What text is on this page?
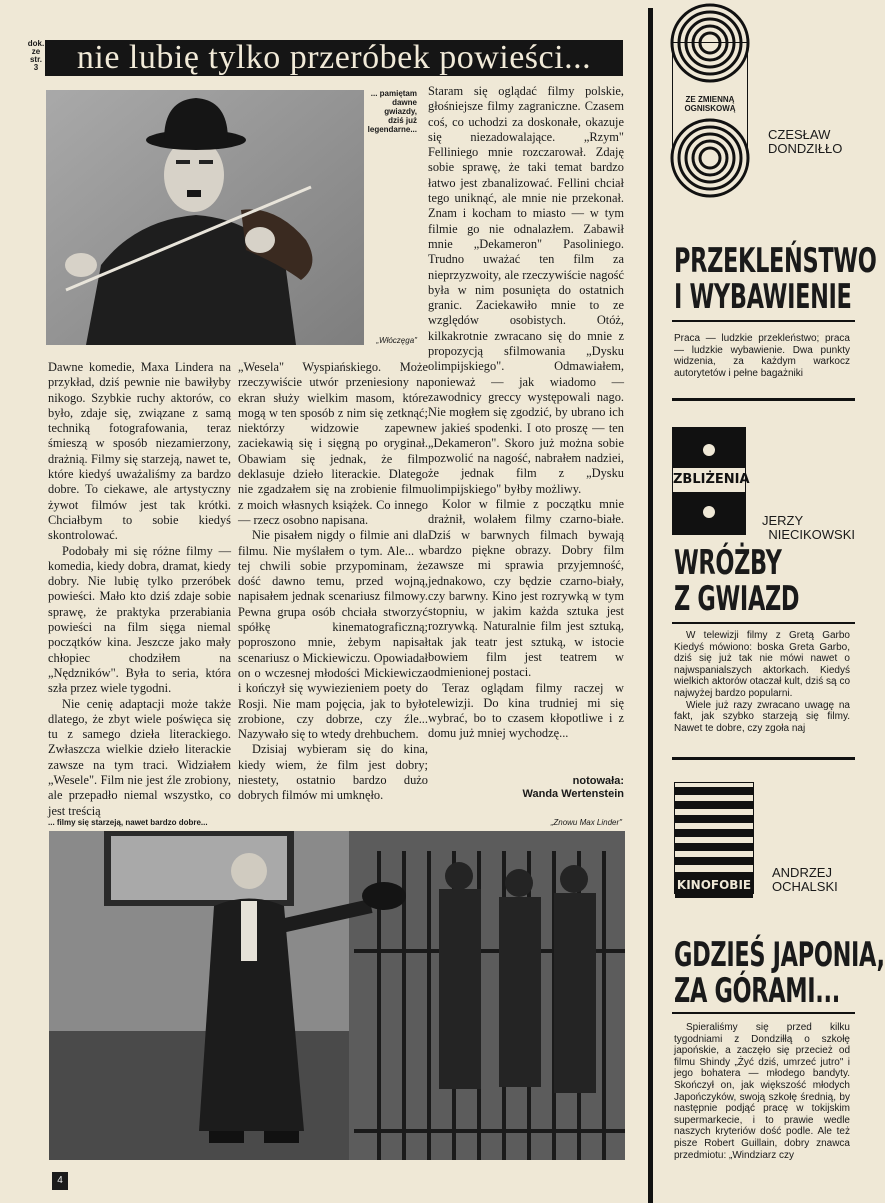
dok.
ze str.
3	nie lubię tylko przeróbek powieści...
... pamiętam
dawne
gwiazdy,
dziś już
legendarne...
„Włóczęga"

Dawne komedie, Maxa Lindera na przykład, dziś pewnie nie bawiłyby nikogo. Szybkie ruchy aktorów, co było, zdaje się, związane z samą techniką fotografowania, teraz śmieszą w sposób niezamierzony, drażnią. Filmy się starzeją, nawet te, które kiedyś uważaliśmy za bardzo dobre. To ciekawe, ale artystyczny żywot filmów jest tak krótki. Chciałbym to sobie kiedyś skontrolować.

Podobały mi się różne filmy — komedia, kiedy dobra, dramat, kiedy dobry. Nie lubię tylko przeróbek powieści. Mało kto dziś zdaje sobie sprawę, że praktyka przerabiania powieści na film sięga niemal początków kina. Jeszcze jako mały chłopiec chodziłem na „Nędzników". Była to seria, która szła przez wiele tygodni.

Nie cenię adaptacji może także dlatego, że zbyt wiele poświęca się tu z samego dzieła literackiego. Zwłaszcza wielkie dzieło literackie zawsze na tym traci. Widziałem „Wesele". Film nie jest źle zrobiony, ale przepadło niemal wszystko, co jest treścią

„Wesela" Wyspiańskiego. Może rzeczywiście utwór przeniesiony na ekran służy wielkim masom, które mogą w ten sposób z nim się zetknąć; niektórzy widzowie zapewne zaciekawią się i sięgną po oryginał. Obawiam się jednak, że film deklasuje dzieło literackie. Dlatego nie zgadzałem się na zrobienie filmu z moich własnych książek. Co innego — rzecz osobno napisana.

Nie pisałem nigdy o filmie ani dla filmu. Nie myślałem o tym. Ale... w tej chwili sobie przypominam, że dość dawno temu, przed wojną, napisałem jednak scenariusz filmowy. Pewna grupa osób chciała stworzyć spółkę kinematograficzną; poproszono mnie, żebym napisał scenariusz o Mickiewiczu. Opowiadał on o wczesnej młodości Mickiewicza i kończył się wywiezieniem poety do Rosji. Nie mam pojęcia, jak to było zrobione, czy dobrze, czy źle... Nazywało się to wtedy drehbuchem.

Dzisiaj wybieram się do kina, kiedy wiem, że film jest dobry; niestety, ostatnio bardzo dużo dobrych filmów mi umknęło.

Staram się oglądać filmy polskie, głośniejsze filmy zagraniczne. Czasem coś, co uchodzi za doskonałe, okazuje się niezadowalające. „Rzym" Felliniego mnie rozczarował. Zdaję sobie sprawę, że taki temat bardzo łatwo jest zbanalizować. Fellini chciał tego uniknąć, ale mnie nie przekonał. Znam i kocham to miasto — w tym filmie go nie odnalazłem. Zabawił mnie „Dekameron" Pasoliniego. Trudno uważać ten film za nieprzyzwoity, ale rzeczywiście nagość była w nim posunięta do ostatnich granic. Zaciekawiło mnie to ze względów osobistych. Otóż, kilkakrotnie zwracano się do mnie z propozycją sfilmowania „Dysku olimpijskiego". Odmawiałem, ponieważ — jak wiadomo — zawodnicy greccy występowali nago. Nie mogłem się zgodzić, by ubrano ich w jakieś spodenki. I oto proszę — ten „Dekameron". Skoro już można sobie pozwolić na nagość, nabrałem nadziei, że jednak film z „Dysku olimpijskiego" byłby możliwy.

Kolor w filmie z początku mnie drażnił, wolałem filmy czarno-białe. Dziś w barwnych filmach bywają bardzo piękne obrazy. Dobry film zawsze mi sprawia przyjemność, jednakowo, czy będzie czarno-biały, czy barwny. Kino jest rozrywką w tym stopniu, w jakim każda sztuka jest rozrywką. Naturalnie film jest sztuką, tak jak teatr jest sztuką, w istocie bowiem film jest teatrem w odmienionej postaci.

Teraz oglądam filmy raczej w telewizji. Do kina trudniej mi się wybrać, bo to czasem kłopotliwe i z domu już mniej wychodzę...

notowała:
Wanda Wertenstein
... filmy się starzeją, nawet bardzo dobre...	„Znowu Max Linder"
4
ZE ZMIENNĄ OGNISKOWĄ
CZESŁAW
DONDZIŁŁO
PRZEKLEŃSTWO
I WYBAWIENIE

Praca — ludzkie przekleństwo; praca — ludzkie wybawienie. Dwa punkty widzenia, za każdym warkocz autorytetów i pełne bagażniki

ZBLIŻENIA
JERZY
NIECIKOWSKI
WRÓŻBY
Z GWIAZD

W telewizji filmy z Gretą Garbo Kiedyś mówiono: boska Greta Garbo, dziś się już tak nie mówi nawet o najwspanialszych aktorkach. Kiedyś wielkich aktorów otaczał kult, dziś są co najwyżej bardzo popularni.

Wiele już razy zwracano uwagę na fakt, jak szybko starzeją się filmy. Nawet te dobre, czy zgoła naj

KINOFOBIE
ANDRZEJ
OCHALSKI
GDZIEŚ JAPONIA,
ZA GÓRAMI...

Spieraliśmy się przed kilku tygodniami z Dondziłłą o szkołę japońskie, a zaczęło się przecież od filmu Shindy „Żyć dziś, umrzeć jutro" i jego bohatera — młodego bandyty. Skończył on, jak większość młodych Japończyków, swoją szkołę średnią, by następnie podjąć pracę w tokijskim supermarkecie, i to prawie wedle naszych kryteriów dość podle. Ale też pisze Robert Guillain, dobry znawca przedmiotu: „Windziarz czy
